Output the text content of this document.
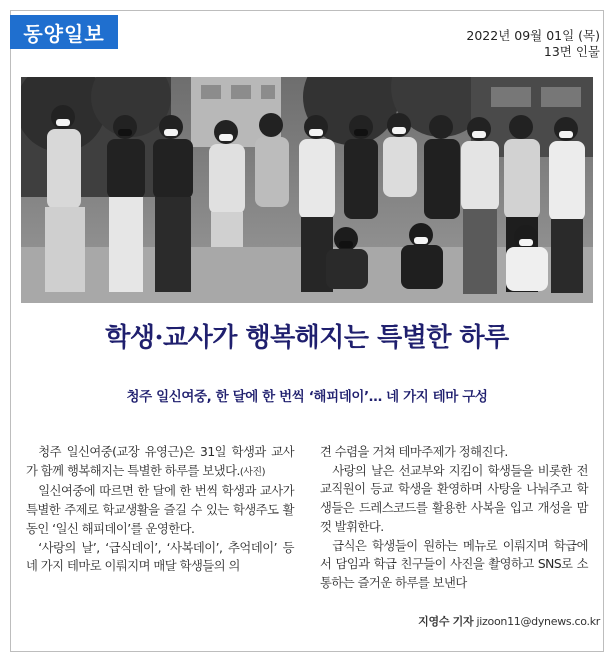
동양일보	2022년 09월 01일 (목)
13면 인물
학생·교사가 행복해지는 특별한 하루
청주 일신여중, 한 달에 한 번씩 ‘해피데이’… 네 가지 테마 구성

청주 일신여중(교장 유영근)은 31일 학생과 교사가 함께 행복해지는 특별한 하루를 보냈다.(사진)

일신여중에 따르면 한 달에 한 번씩 학생과 교사가 특별한 주제로 학교생활을 즐길 수 있는 학생주도 활동인 ‘일신 해피데이’를 운영한다.

‘사랑의 날’, ‘급식데이’, ‘사복데이’, 추억데이’ 등 네 가지 테마로 이뤄지며 매달 학생들의 의

견 수렴을 거쳐 테마주제가 정해진다.

사랑의 날은 선교부와 지킴이 학생들을 비롯한 전교직원이 등교 학생을 환영하며 사탕을 나눠주고 학생들은 드레스코드를 활용한 사복을 입고 개성을 맘껏 발휘한다.

급식은 학생들이 원하는 메뉴로 이뤄지며 학급에서 담임과 학급 친구들이 사진을 촬영하고 SNS로 소통하는 즐거운 하루를 보낸다

지영수 기자 jizoon11@dynews.co.kr
